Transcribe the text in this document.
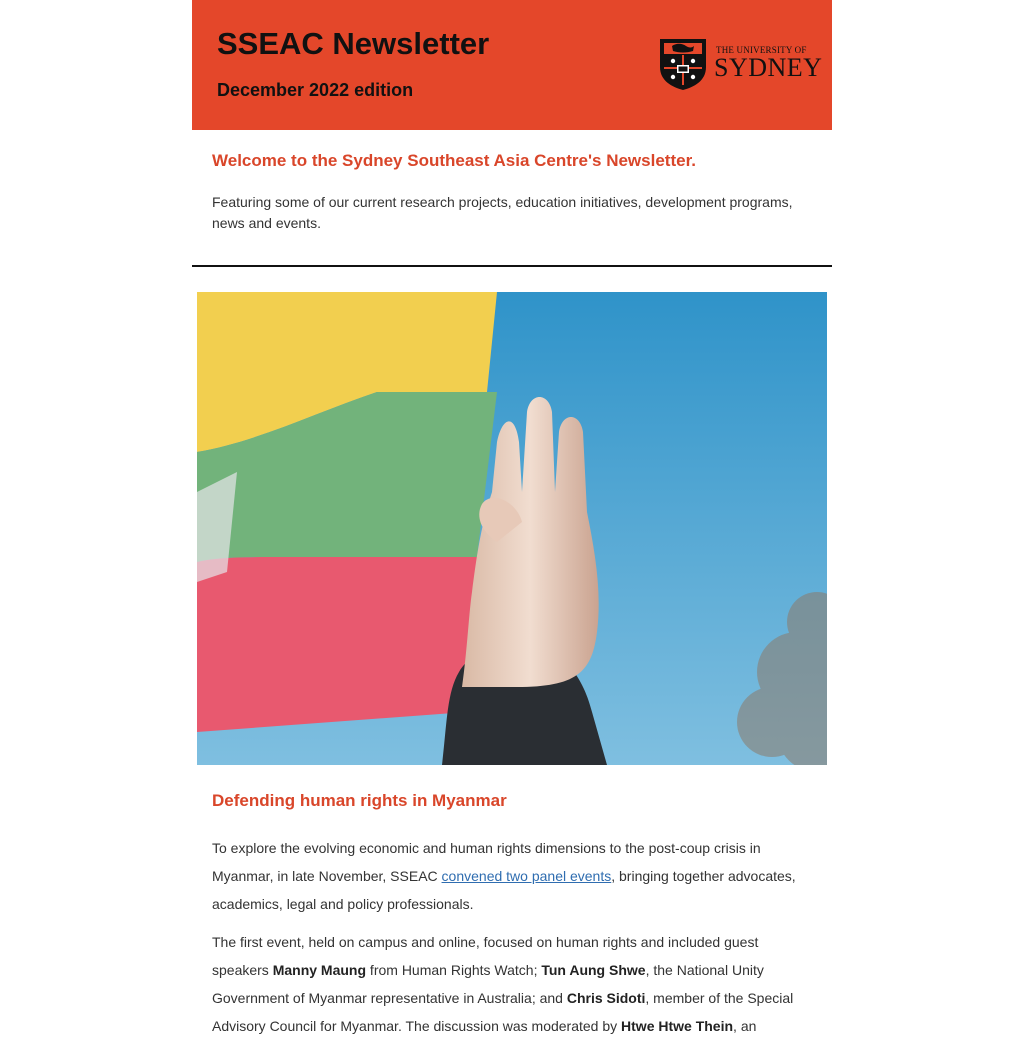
SSEAC Newsletter
December 2022 edition
THE UNIVERSITY OF
SYDNEY
Welcome to the Sydney Southeast Asia Centre's Newsletter.

Featuring some of our current research projects, education initiatives, development programs, news and events.

Defending human rights in Myanmar

To explore the evolving economic and human rights dimensions to the post-coup crisis in Myanmar, in late November, SSEAC convened two panel events, bringing together advocates, academics, legal and policy professionals.

The first event, held on campus and online, focused on human rights and included guest speakers Manny Maung from Human Rights Watch; Tun Aung Shwe, the National Unity Government of Myanmar representative in Australia; and Chris Sidoti, member of the Special Advisory Council for Myanmar. The discussion was moderated by Htwe Htwe Thein, an
